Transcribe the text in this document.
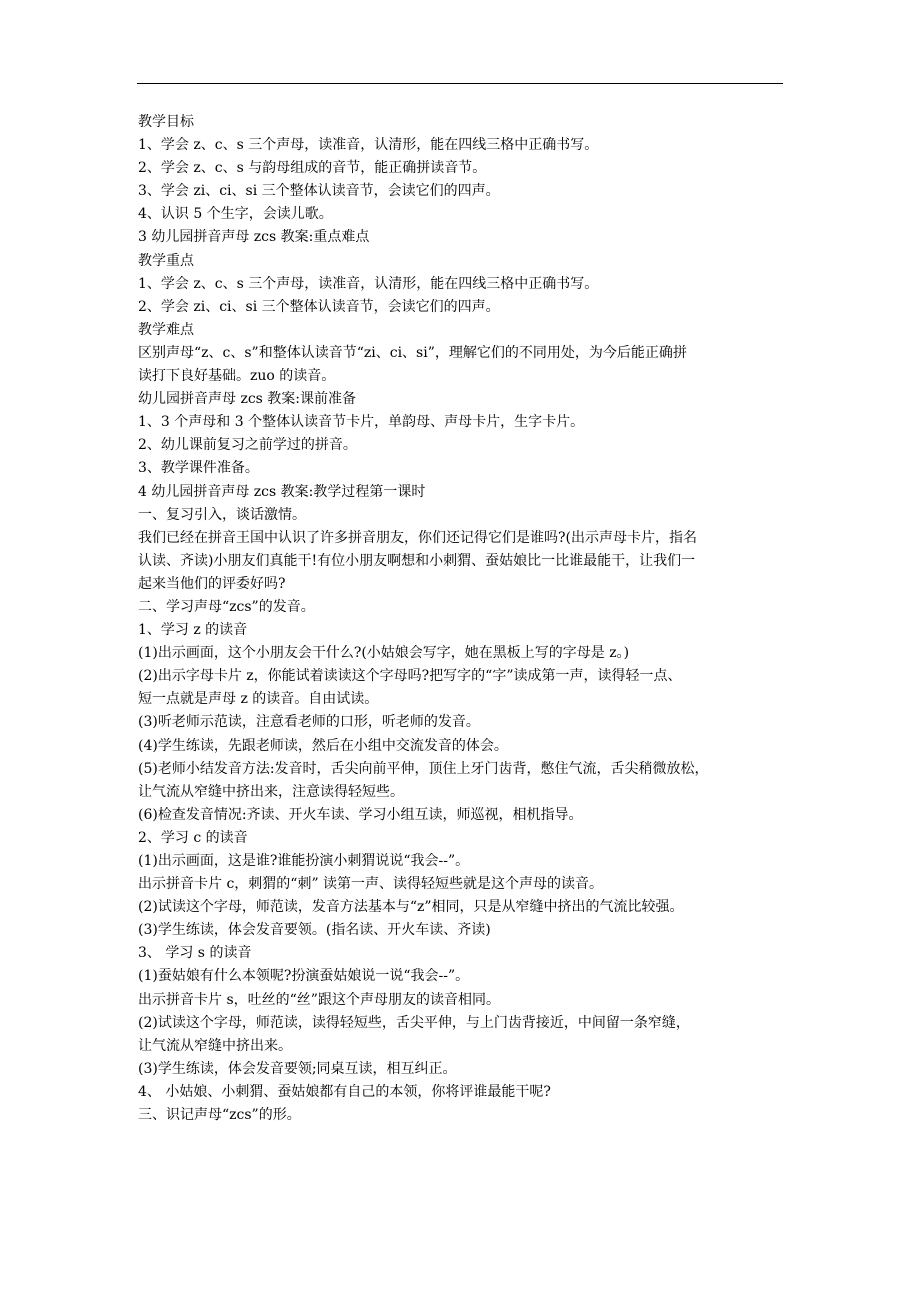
教学目标
1、学会 z、c、s 三个声母，读准音，认清形，能在四线三格中正确书写。
2、学会 z、c、s 与韵母组成的音节，能正确拼读音节。
3、学会 zi、ci、si 三个整体认读音节，会读它们的四声。
4、认识 5 个生字，会读儿歌。
3 幼儿园拼音声母 zcs 教案:重点难点
教学重点
1、学会 z、c、s 三个声母，读准音，认清形，能在四线三格中正确书写。
2、学会 zi、ci、si 三个整体认读音节，会读它们的四声。
教学难点
区别声母“z、c、s”和整体认读音节“zi、ci、si”，理解它们的不同用处，为今后能正确拼
读打下良好基础。zuo 的读音。
幼儿园拼音声母 zcs 教案:课前准备
1、3 个声母和 3 个整体认读音节卡片，单韵母、声母卡片，生字卡片。
2、幼儿课前复习之前学过的拼音。
3、教学课件准备。
4 幼儿园拼音声母 zcs 教案:教学过程第一课时
一、复习引入，谈话激情。
我们已经在拼音王国中认识了许多拼音朋友，你们还记得它们是谁吗?(出示声母卡片，指名
认读、齐读)小朋友们真能干!有位小朋友啊想和小刺猬、蚕姑娘比一比谁最能干，让我们一
起来当他们的评委好吗?
二、学习声母“zcs”的发音。
1、学习 z 的读音
(1)出示画面，这个小朋友会干什么?(小姑娘会写字，她在黑板上写的字母是 z。)
(2)出示字母卡片 z，你能试着读读这个字母吗?把写字的“字”读成第一声，读得轻一点、
短一点就是声母 z 的读音。自由试读。
(3)听老师示范读，注意看老师的口形，听老师的发音。
(4)学生练读，先跟老师读，然后在小组中交流发音的体会。
(5)老师小结发音方法:发音时，舌尖向前平伸，顶住上牙门齿背，憋住气流，舌尖稍微放松，
让气流从窄缝中挤出来，注意读得轻短些。
(6)检查发音情况:齐读、开火车读、学习小组互读，师巡视，相机指导。
2、学习 c 的读音
(1)出示画面，这是谁?谁能扮演小刺猬说说“我会--”。
出示拼音卡片 c，刺猬的“刺” 读第一声、读得轻短些就是这个声母的读音。
(2)试读这个字母，师范读，发音方法基本与“z”相同，只是从窄缝中挤出的气流比较强。
(3)学生练读，体会发音要领。(指名读、开火车读、齐读)
3、 学习 s 的读音
(1)蚕姑娘有什么本领呢?扮演蚕姑娘说一说“我会--”。
出示拼音卡片 s，吐丝的“丝”跟这个声母朋友的读音相同。
(2)试读这个字母，师范读，读得轻短些，舌尖平伸，与上门齿背接近，中间留一条窄缝，
让气流从窄缝中挤出来。
(3)学生练读，体会发音要领;同桌互读，相互纠正。
4、 小姑娘、小刺猬、蚕姑娘都有自己的本领，你将评谁最能干呢?
三、识记声母“zcs”的形。
